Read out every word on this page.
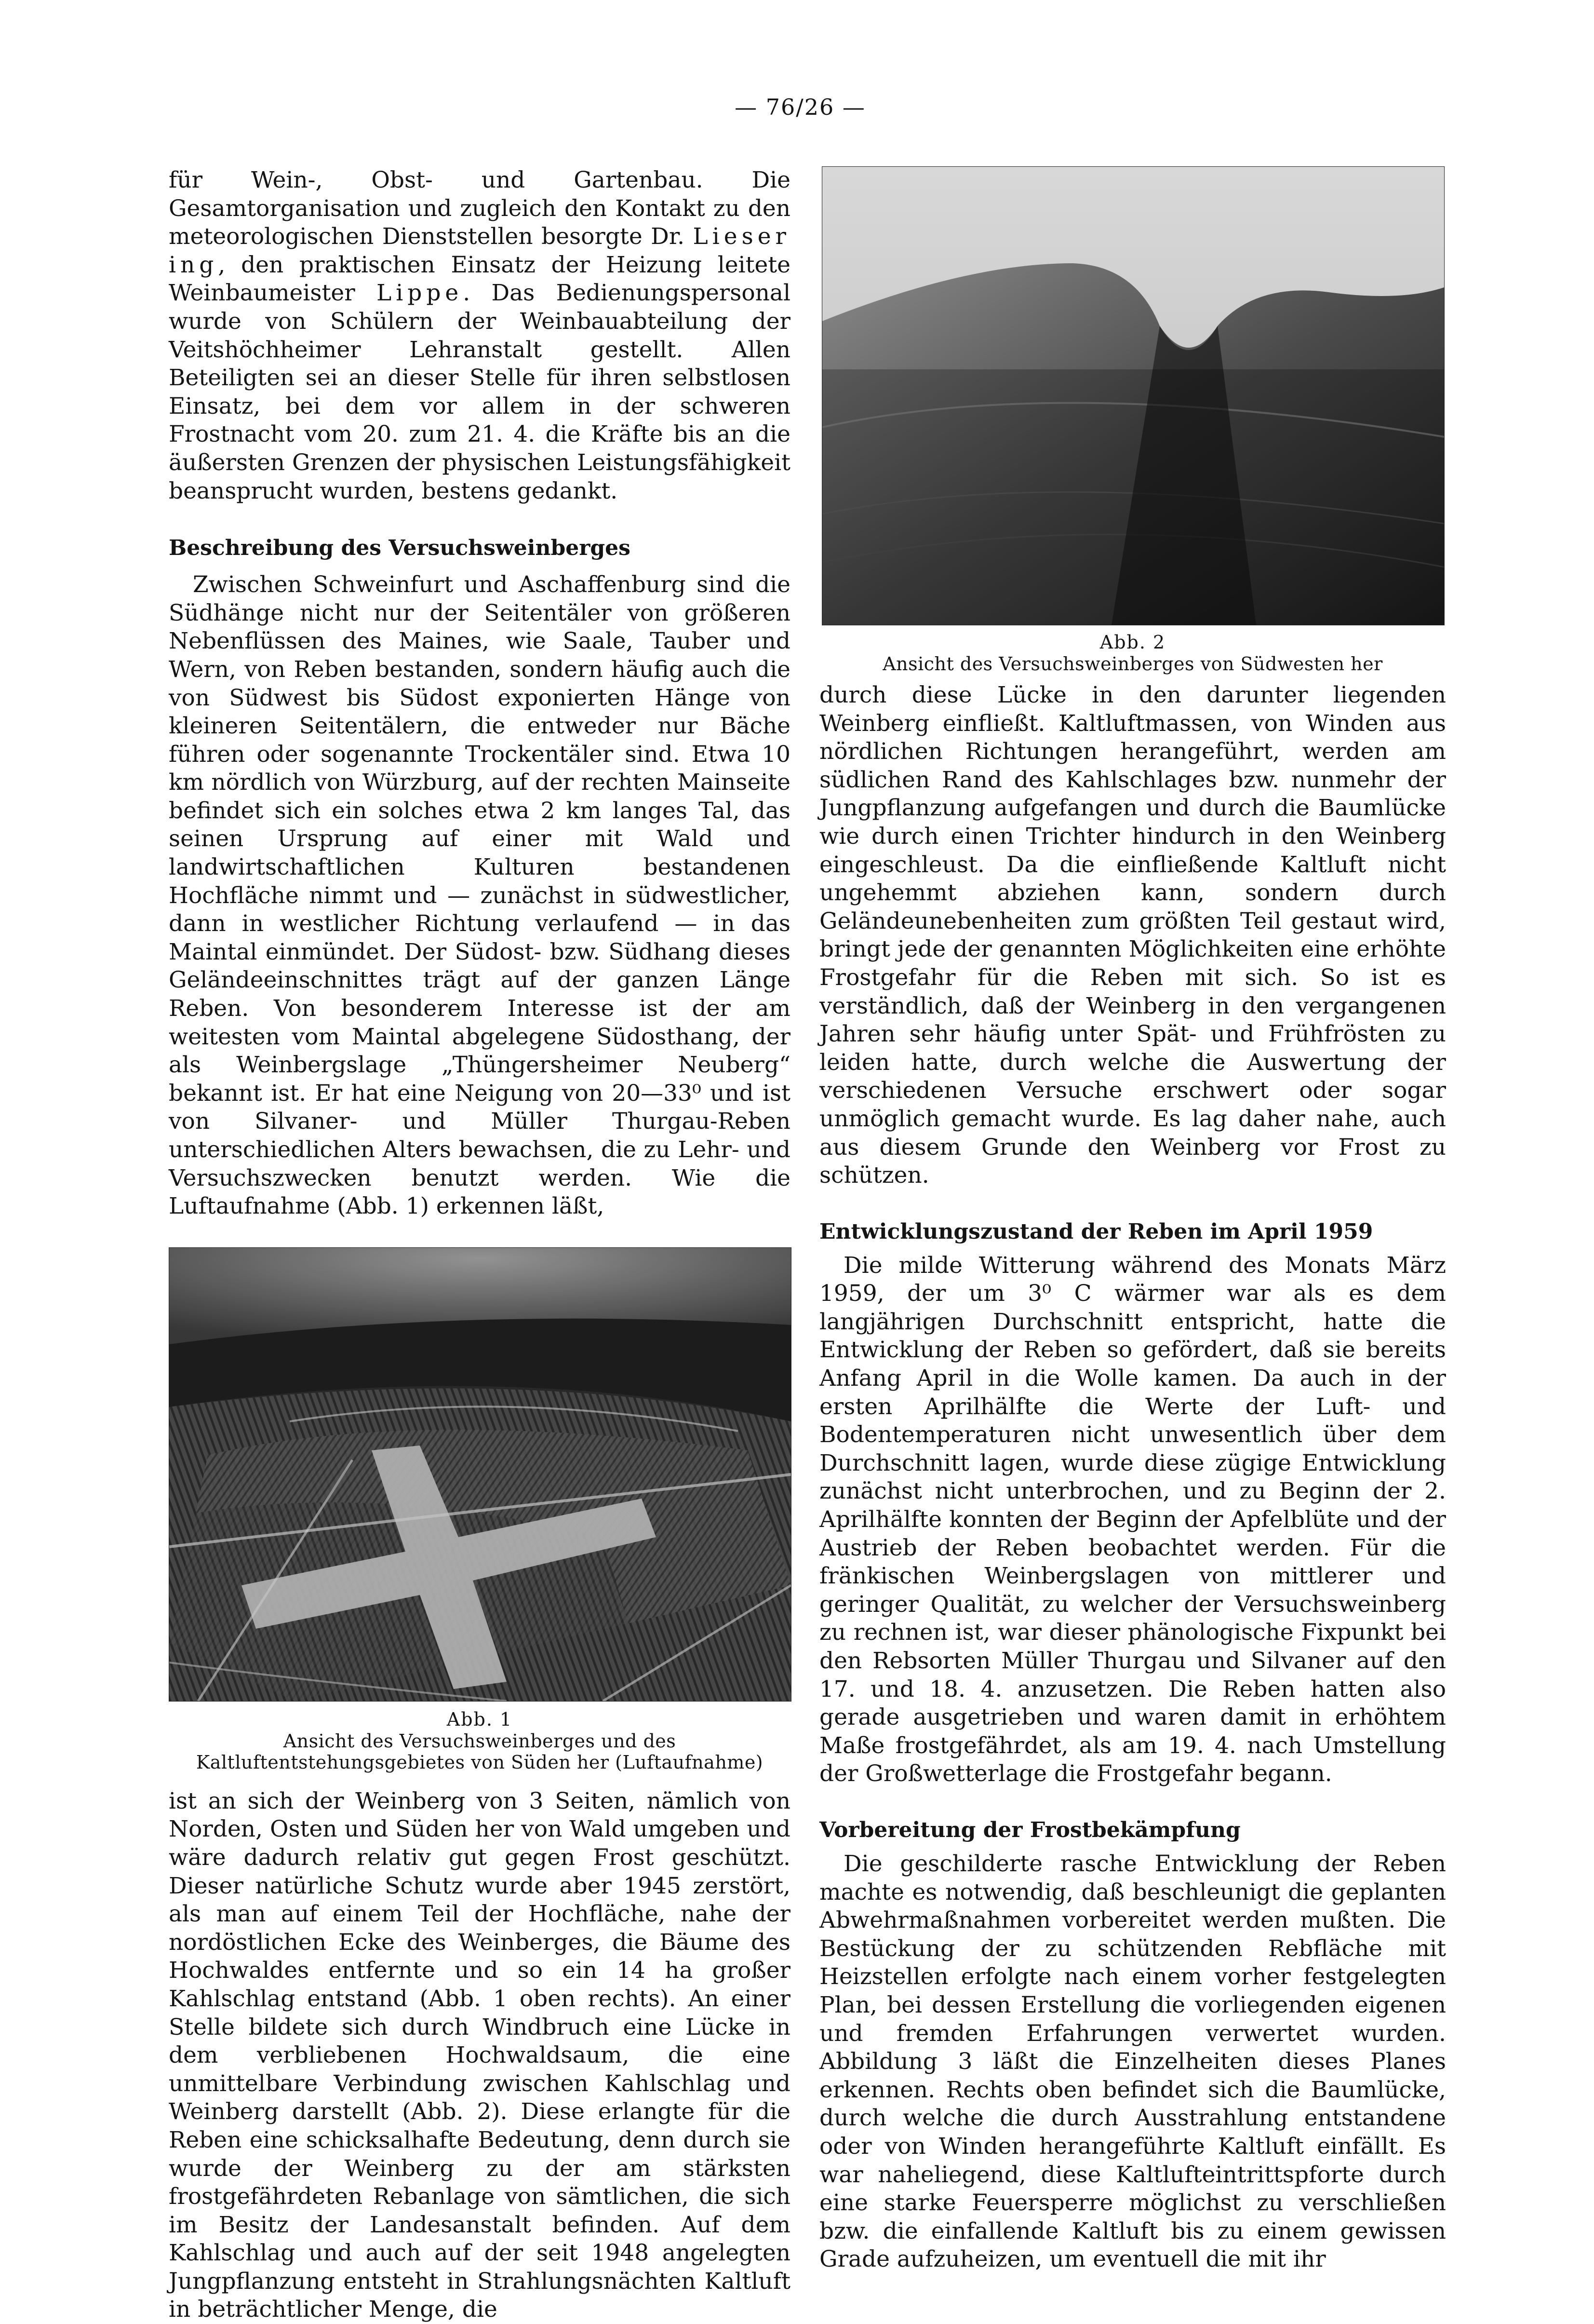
— 76/26 —

für Wein-, Obst- und Gartenbau. Die Gesamtorganisation und zugleich den Kontakt zu den meteorologischen Dienststellen besorgte Dr. Lieser ing, den praktischen Einsatz der Heizung leitete Weinbaumeister Lippe. Das Bedienungspersonal wurde von Schülern der Weinbauabteilung der Veitshöchheimer Lehranstalt gestellt. Allen Beteiligten sei an dieser Stelle für ihren selbstlosen Einsatz, bei dem vor allem in der schweren Frostnacht vom 20. zum 21. 4. die Kräfte bis an die äußersten Grenzen der physischen Leistungsfähigkeit beansprucht wurden, bestens gedankt.

Beschreibung des Versuchsweinberges

Zwischen Schweinfurt und Aschaffenburg sind die Südhänge nicht nur der Seitentäler von größeren Nebenflüssen des Maines, wie Saale, Tauber und Wern, von Reben bestanden, sondern häufig auch die von Südwest bis Südost exponierten Hänge von kleineren Seitentälern, die entweder nur Bäche führen oder sogenannte Trockentäler sind. Etwa 10 km nördlich von Würzburg, auf der rechten Mainseite befindet sich ein solches etwa 2 km langes Tal, das seinen Ursprung auf einer mit Wald und landwirtschaftlichen Kulturen bestandenen Hochfläche nimmt und — zunächst in südwestlicher, dann in westlicher Richtung verlaufend — in das Maintal einmündet. Der Südost- bzw. Südhang dieses Geländeeinschnittes trägt auf der ganzen Länge Reben. Von besonderem Interesse ist der am weitesten vom Maintal abgelegene Südosthang, der als Weinbergslage „Thüngersheimer Neuberg“ bekannt ist. Er hat eine Neigung von 20—33⁰ und ist von Silvaner- und Müller Thurgau-Reben unterschiedlichen Alters bewachsen, die zu Lehr- und Versuchszwecken benutzt werden. Wie die Luftaufnahme (Abb. 1) erkennen läßt,

Abb. 1

Ansicht des Versuchsweinberges und des Kaltluftentstehungsgebietes von Süden her (Luftaufnahme)

ist an sich der Weinberg von 3 Seiten, nämlich von Norden, Osten und Süden her von Wald umgeben und wäre dadurch relativ gut gegen Frost geschützt. Dieser natürliche Schutz wurde aber 1945 zerstört, als man auf einem Teil der Hochfläche, nahe der nordöstlichen Ecke des Weinberges, die Bäume des Hochwaldes entfernte und so ein 14 ha großer Kahlschlag entstand (Abb. 1 oben rechts). An einer Stelle bildete sich durch Windbruch eine Lücke in dem verbliebenen Hochwaldsaum, die eine unmittelbare Verbindung zwischen Kahlschlag und Weinberg darstellt (Abb. 2). Diese erlangte für die Reben eine schicksalhafte Bedeutung, denn durch sie wurde der Weinberg zu der am stärksten frostgefährdeten Rebanlage von sämtlichen, die sich im Besitz der Landesanstalt befinden. Auf dem Kahlschlag und auch auf der seit 1948 angelegten Jungpflanzung entsteht in Strahlungsnächten Kaltluft in beträchtlicher Menge, die

Abb. 2

Ansicht des Versuchsweinberges von Südwesten her

durch diese Lücke in den darunter liegenden Weinberg einfließt. Kaltluftmassen, von Winden aus nördlichen Richtungen herangeführt, werden am südlichen Rand des Kahlschlages bzw. nunmehr der Jungpflanzung aufgefangen und durch die Baumlücke wie durch einen Trichter hindurch in den Weinberg eingeschleust. Da die einfließende Kaltluft nicht ungehemmt abziehen kann, sondern durch Geländeunebenheiten zum größten Teil gestaut wird, bringt jede der genannten Möglichkeiten eine erhöhte Frostgefahr für die Reben mit sich. So ist es verständlich, daß der Weinberg in den vergangenen Jahren sehr häufig unter Spät- und Frühfrösten zu leiden hatte, durch welche die Auswertung der verschiedenen Versuche erschwert oder sogar unmöglich gemacht wurde. Es lag daher nahe, auch aus diesem Grunde den Weinberg vor Frost zu schützen.

Entwicklungszustand der Reben im April 1959

Die milde Witterung während des Monats März 1959, der um 3⁰ C wärmer war als es dem langjährigen Durchschnitt entspricht, hatte die Entwicklung der Reben so gefördert, daß sie bereits Anfang April in die Wolle kamen. Da auch in der ersten Aprilhälfte die Werte der Luft- und Bodentemperaturen nicht unwesentlich über dem Durchschnitt lagen, wurde diese zügige Entwicklung zunächst nicht unterbrochen, und zu Beginn der 2. Aprilhälfte konnten der Beginn der Apfelblüte und der Austrieb der Reben beobachtet werden. Für die fränkischen Weinbergslagen von mittlerer und geringer Qualität, zu welcher der Versuchsweinberg zu rechnen ist, war dieser phänologische Fixpunkt bei den Rebsorten Müller Thurgau und Silvaner auf den 17. und 18. 4. anzusetzen. Die Reben hatten also gerade ausgetrieben und waren damit in erhöhtem Maße frostgefährdet, als am 19. 4. nach Umstellung der Großwetterlage die Frostgefahr begann.

Vorbereitung der Frostbekämpfung

Die geschilderte rasche Entwicklung der Reben machte es notwendig, daß beschleunigt die geplanten Abwehrmaßnahmen vorbereitet werden mußten. Die Bestückung der zu schützenden Rebfläche mit Heizstellen erfolgte nach einem vorher festgelegten Plan, bei dessen Erstellung die vorliegenden eigenen und fremden Erfahrungen verwertet wurden. Abbildung 3 läßt die Einzelheiten dieses Planes erkennen. Rechts oben befindet sich die Baumlücke, durch welche die durch Ausstrahlung entstandene oder von Winden herangeführte Kaltluft einfällt. Es war naheliegend, diese Kaltlufteintrittspforte durch eine starke Feuersperre möglichst zu verschließen bzw. die einfallende Kaltluft bis zu einem gewissen Grade aufzuheizen, um eventuell die mit ihr
